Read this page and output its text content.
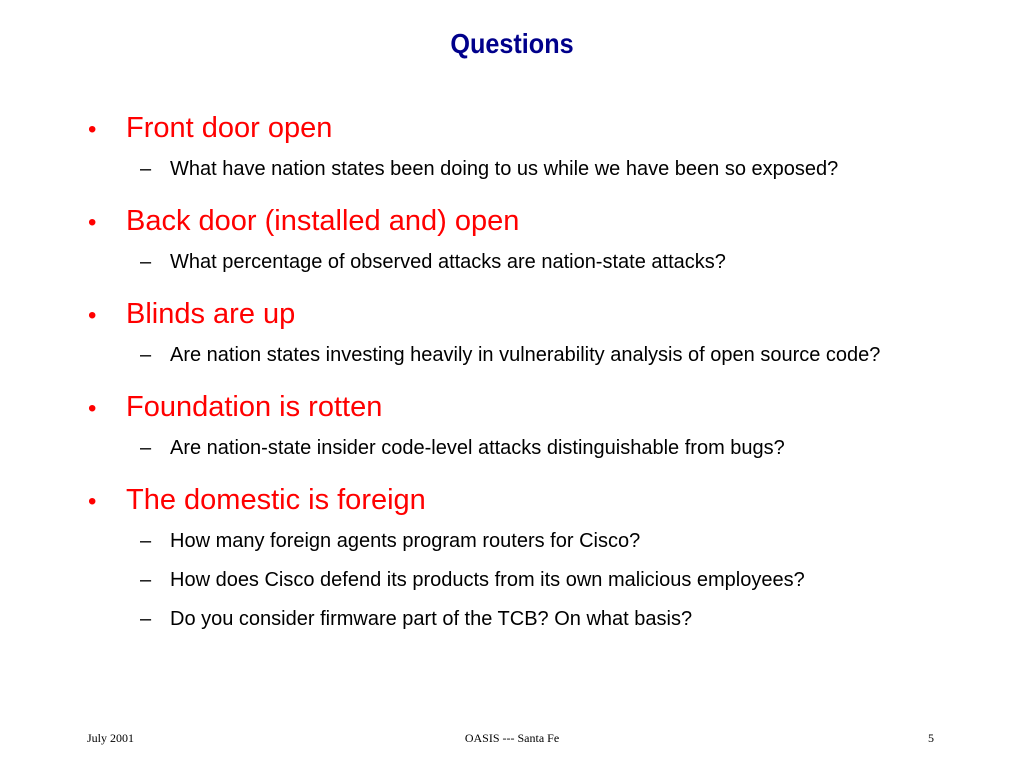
Questions
•	Front door open
– What have nation states been doing to us while we have been so exposed?
•	Back door (installed and) open
– What percentage of observed attacks are nation-state attacks?
•	Blinds are up
– Are nation states investing heavily in vulnerability analysis of open source code?
•	Foundation is rotten
– Are nation-state insider code-level attacks distinguishable from bugs?
•	The domestic is foreign
– How many foreign agents program routers for Cisco?
– How does Cisco defend its products from its own malicious employees?
– Do you consider firmware part of the TCB? On what basis?
July 2001	OASIS --- Santa Fe	5
